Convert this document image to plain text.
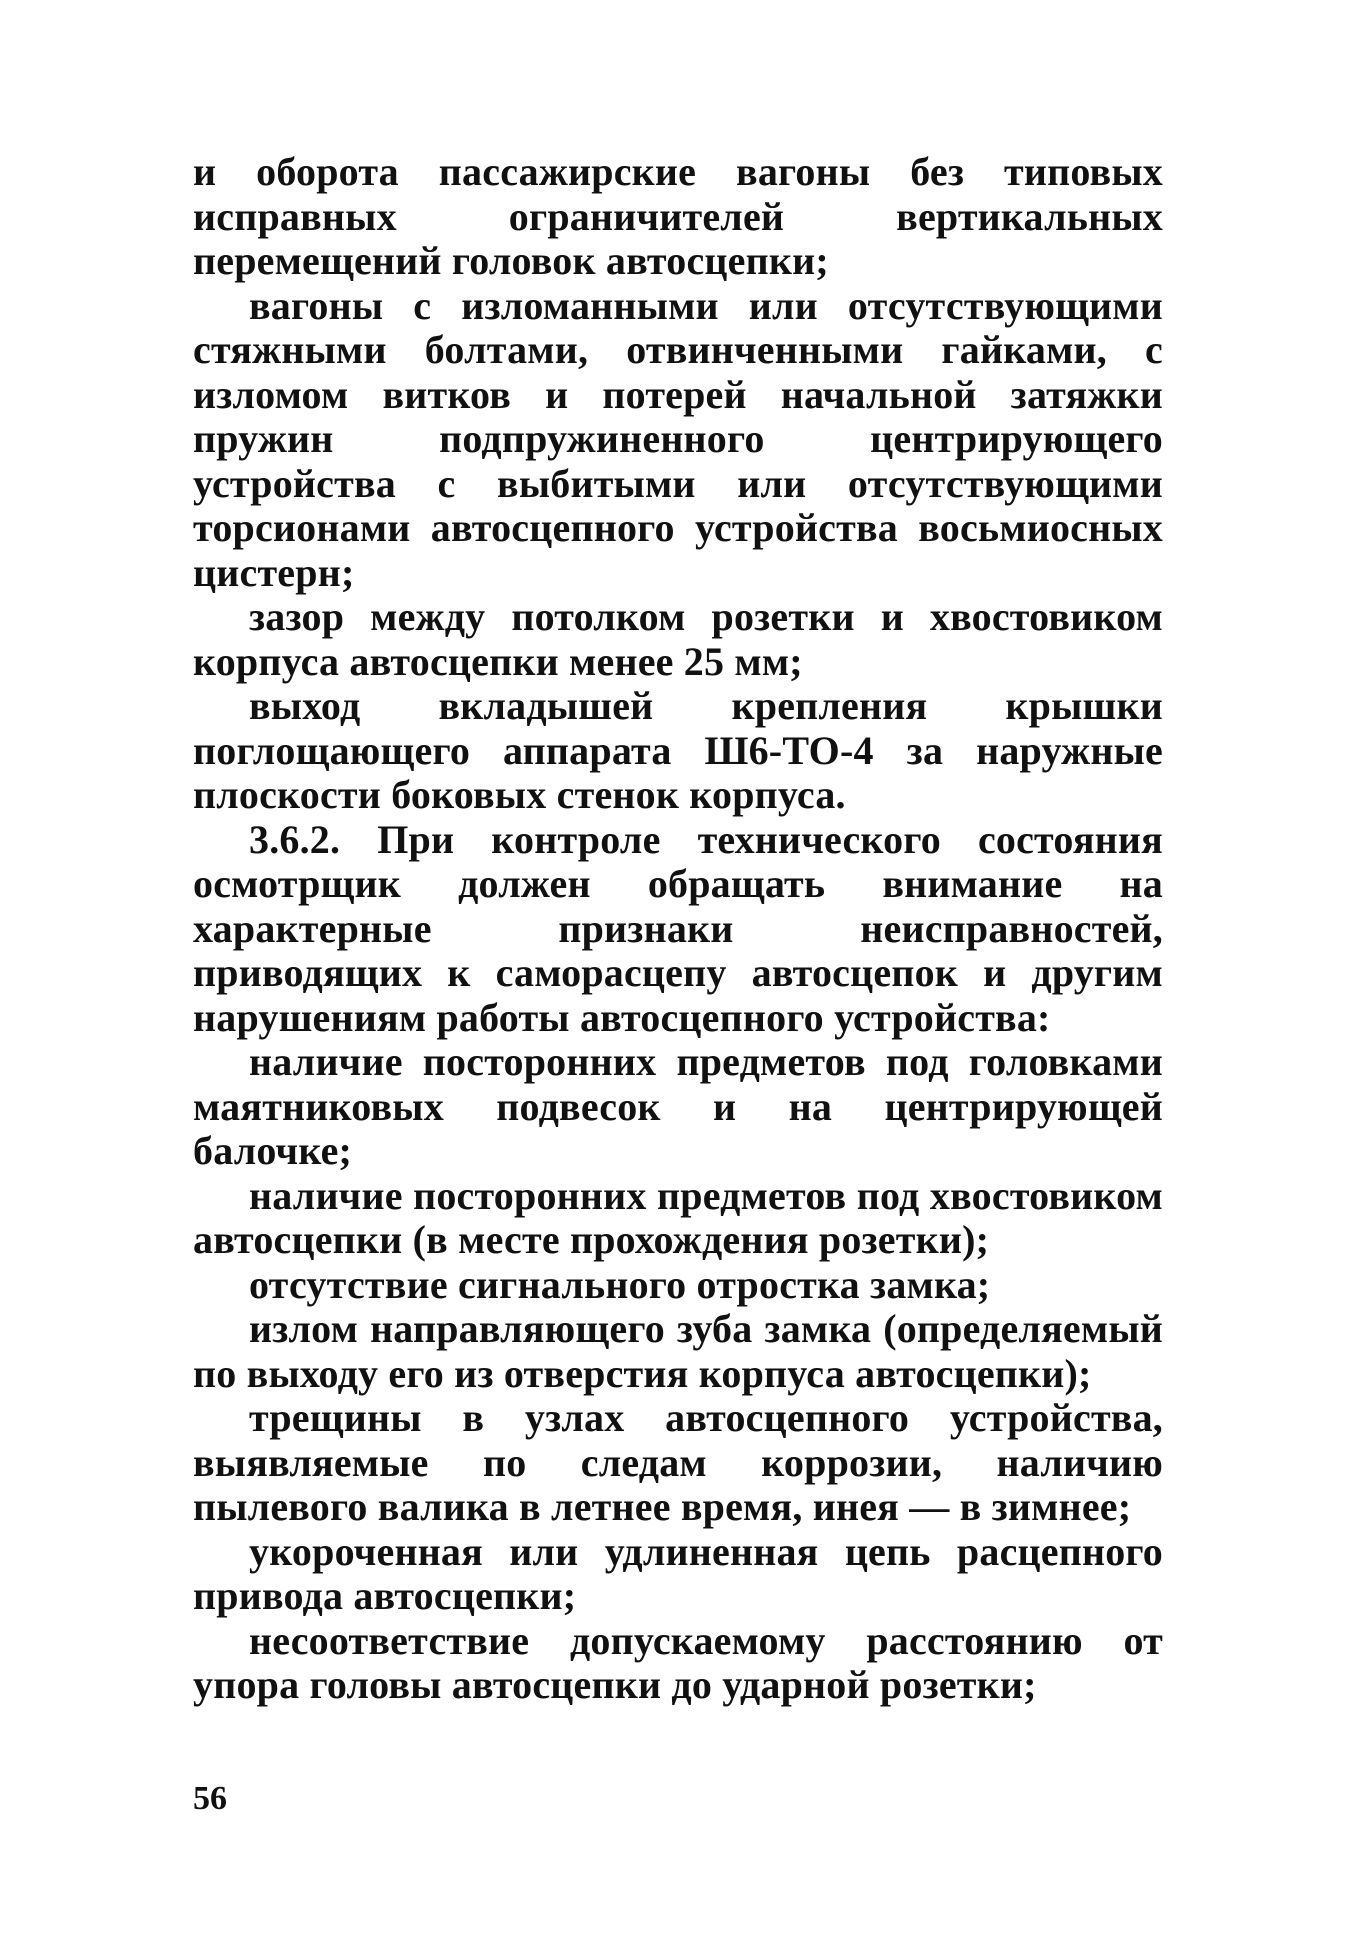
и оборота пассажирские вагоны без типовых исправных ограничителей вертикальных перемещений головок автосцепки;

вагоны с изломанными или отсутствующими стяжными болтами, отвинченными гайками, с изломом витков и потерей начальной затяжки пружин подпружиненного центрирующего устройства с выбитыми или отсутствующими торсионами автосцепного устройства восьмиосных цистерн;

зазор между потолком розетки и хвостовиком корпуса автосцепки менее 25 мм;

выход вкладышей крепления крышки поглощающего аппарата Ш6-ТО-4 за наружные плоскости боковых стенок корпуса.

3.6.2. При контроле технического состояния осмотрщик должен обращать внимание на характерные признаки неисправностей, приводящих к саморасцепу автосцепок и другим нарушениям работы автосцепного устройства:

наличие посторонних предметов под головками маятниковых подвесок и на центрирующей балочке;

наличие посторонних предметов под хвостовиком автосцепки (в месте прохождения розетки);

отсутствие сигнального отростка замка;

излом направляющего зуба замка (определяемый по выходу его из отверстия корпуса автосцепки);

трещины в узлах автосцепного устройства, выявляемые по следам коррозии, наличию пылевого валика в летнее время, инея — в зимнее;

укороченная или удлиненная цепь расцепного привода автосцепки;

несоответствие допускаемому расстоянию от упора головы автосцепки до ударной розетки;

56
